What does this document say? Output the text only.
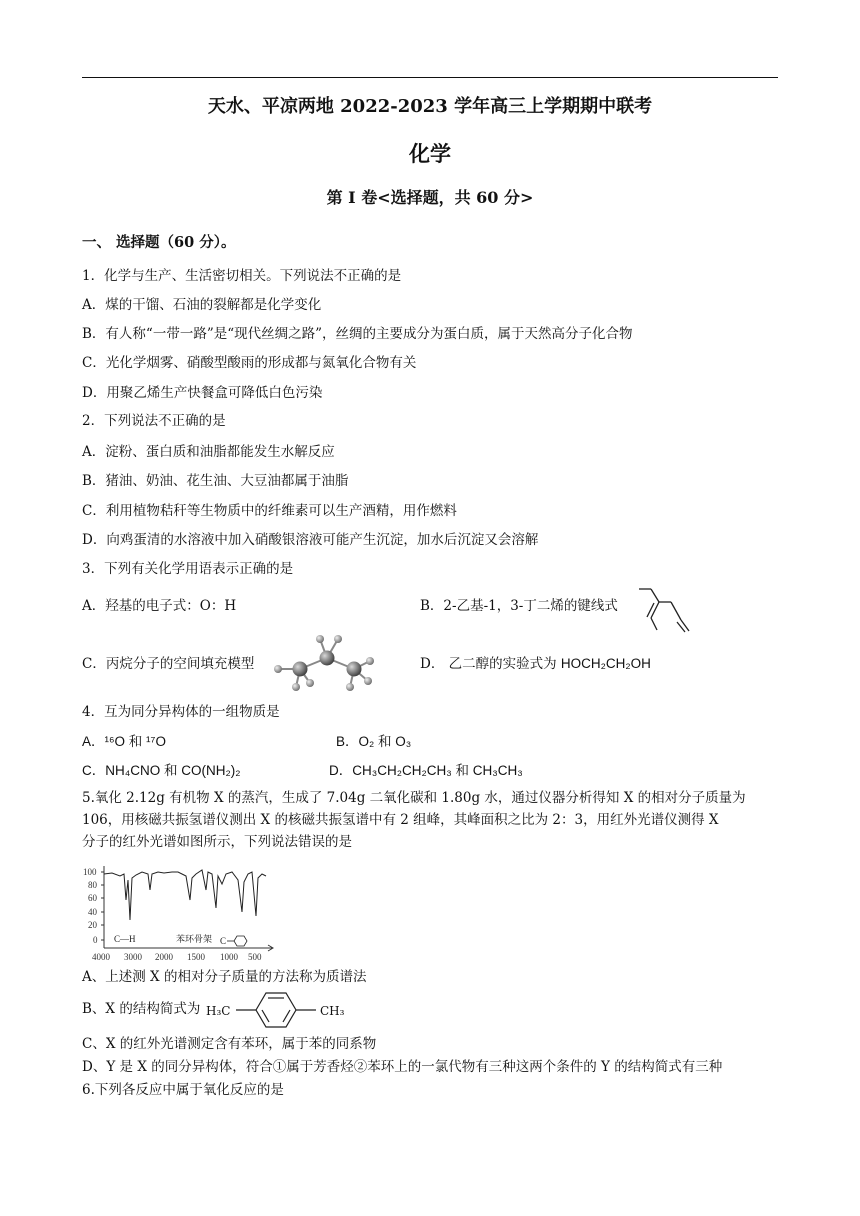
天水、平凉两地 2022-2023 学年高三上学期期中联考
化学
第 I 卷<选择题，共 60 分>
一、 选择题（60 分）。
1．化学与生产、生活密切相关。下列说法不正确的是
A．煤的干馏、石油的裂解都是化学变化
B．有人称“一带一路”是“现代丝绸之路”，丝绸的主要成分为蛋白质，属于天然高分子化合物
C．光化学烟雾、硝酸型酸雨的形成都与氮氧化合物有关
D．用聚乙烯生产快餐盒可降低白色污染
2．下列说法不正确的是
A．淀粉、蛋白质和油脂都能发生水解反应
B．猪油、奶油、花生油、大豆油都属于油脂
C．利用植物秸秆等生物质中的纤维素可以生产酒精，用作燃料
D．向鸡蛋清的水溶液中加入硝酸银溶液可能产生沉淀，加水后沉淀又会溶解
3．下列有关化学用语表示正确的是
A．羟基的电子式：O：H	B．2-乙基-1，3-丁二烯的键线式
C．丙烷分子的空间填充模型	D． 乙二醇的实验式为 HOCH₂CH₂OH
4．互为同分异构体的一组物质是
A．¹⁶O 和 ¹⁷O	B．O₂ 和 O₃
C．NH₄CNO 和 CO(NH₂)₂	D．CH₃CH₂CH₂CH₃ 和 CH₃CH₃
5.氧化 2.12g 有机物 X 的蒸汽，生成了 7.04g 二氧化碳和 1.80g 水，通过仪器分析得知 X 的相对分子质量为
106，用核磁共振氢谱仪测出 X 的核磁共振氢谱中有 2 组峰，其峰面积之比为 2：3，用红外光谱仪测得 X
分子的红外光谱如图所示，下列说法错误的是
100
80
60
40
20
0
4000 3000 2000 1500 1000 500
C—H	苯环骨架 C
A、上述测 X 的相对分子质量的方法称为质谱法
B、X 的结构简式为 H₃C	CH₃
C、X 的红外光谱测定含有苯环，属于苯的同系物
D、Y 是 X 的同分异构体，符合①属于芳香烃②苯环上的一氯代物有三种这两个条件的 Y 的结构简式有三种
6.下列各反应中属于氧化反应的是
